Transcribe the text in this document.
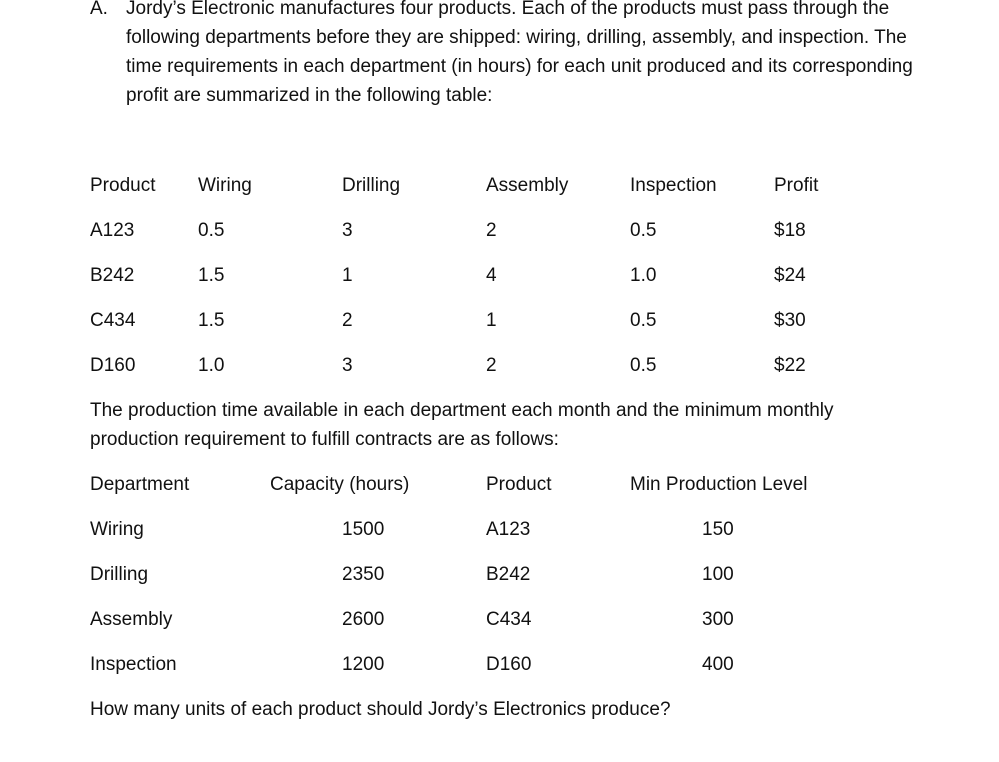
A. Jordy’s Electronic manufactures four products. Each of the products must pass through the
following departments before they are shipped: wiring, drilling, assembly, and inspection. The
time requirements in each department (in hours) for each unit produced and its corresponding
profit are summarized in the following table:
Product Wiring	Drilling	Assembly	Inspection	Profit
A123	0.5	3	2	0.5	$18
B242	1.5	1	4	1.0	$24
C434	1.5	2	1	0.5	$30
D160	1.0	3	2	0.5	$22
The production time available in each department each month and the minimum monthly
production requirement to fulfill contracts are as follows:
Department	Capacity (hours)	Product	Min Production Level
Wiring	1500	A123	150
Drilling	2350	B242	100
Assembly	2600	C434	300
Inspection	1200	D160	400
How many units of each product should Jordy’s Electronics produce?
